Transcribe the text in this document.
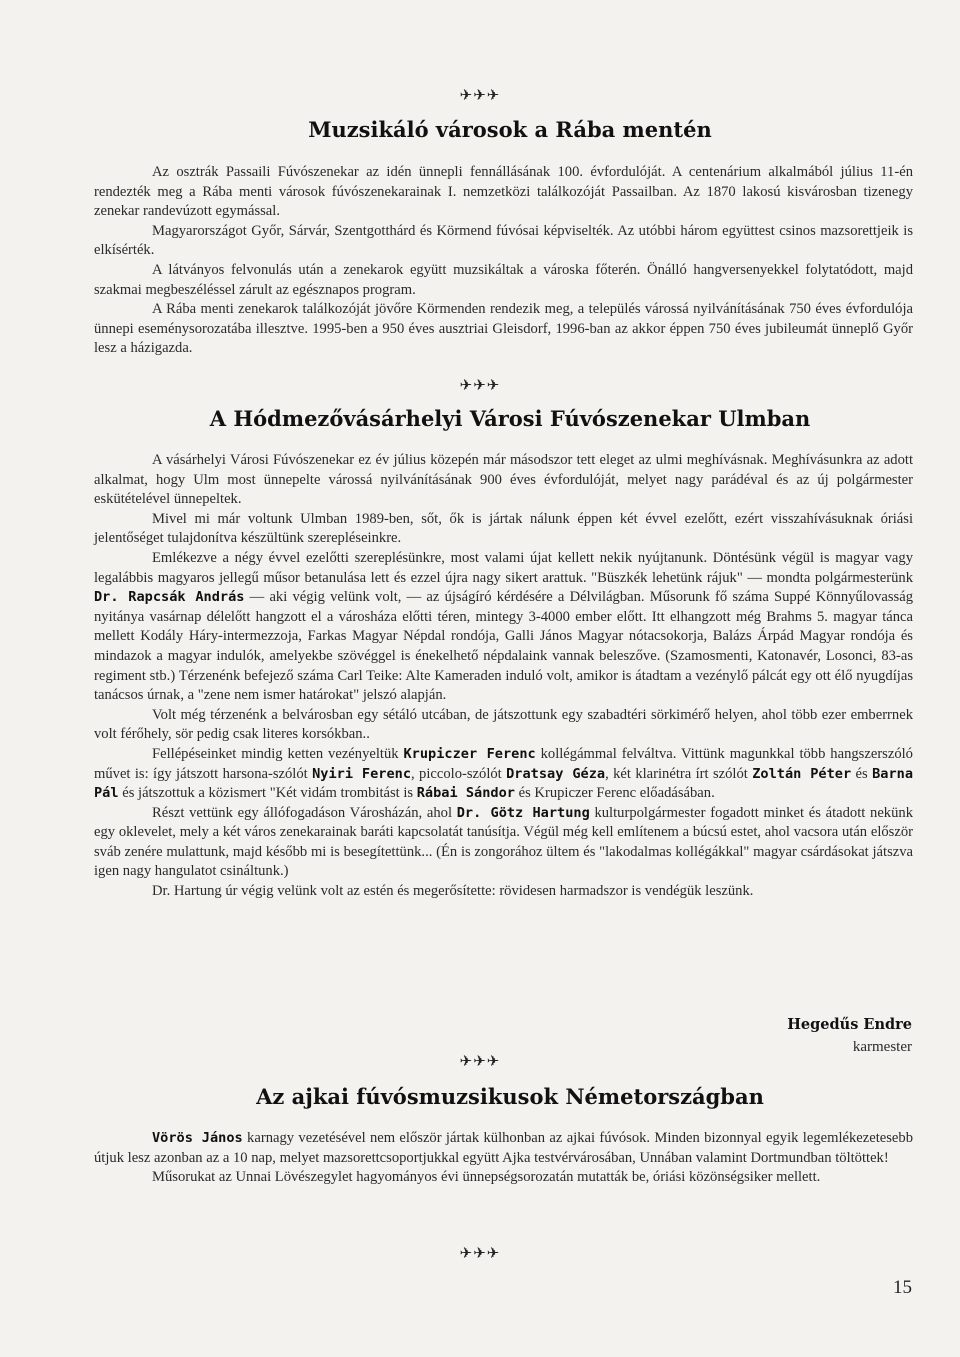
✈✈✈
Muzsikáló városok a Rába mentén

Az osztrák Passaili Fúvószenekar az idén ünnepli fennállásának 100. évfordulóját. A centenárium alkalmából július 11-én rendezték meg a Rába menti városok fúvószenekarainak I. nemzetközi találkozóját Passailban. Az 1870 lakosú kisvárosban tizenegy zenekar randevúzott egymással.

Magyarországot Győr, Sárvár, Szentgotthárd és Körmend fúvósai képviselték. Az utóbbi három együttest csinos mazsorettjeik is elkísérték.

A látványos felvonulás után a zenekarok együtt muzsikáltak a városka főterén. Önálló hangversenyekkel folytatódott, majd szakmai megbeszéléssel zárult az egésznapos program.

A Rába menti zenekarok találkozóját jövőre Körmenden rendezik meg, a település várossá nyilvánításának 750 éves évfordulója ünnepi eseménysorozatába illesztve. 1995-ben a 950 éves ausztriai Gleisdorf, 1996-ban az akkor éppen 750 éves jubileumát ünneplő Győr lesz a házigazda.

✈✈✈
A Hódmezővásárhelyi Városi Fúvószenekar Ulmban

A vásárhelyi Városi Fúvószenekar ez év július közepén már másodszor tett eleget az ulmi meghívásnak. Meghívásunkra az adott alkalmat, hogy Ulm most ünnepelte várossá nyilvánításának 900 éves évfordulóját, melyet nagy parádéval és az új polgármester eskütételével ünnepeltek.

Mivel mi már voltunk Ulmban 1989-ben, sőt, ők is jártak nálunk éppen két évvel ezelőtt, ezért visszahívásuknak óriási jelentőséget tulajdonítva készültünk szerepléseinkre.

Emlékezve a négy évvel ezelőtti szereplésünkre, most valami újat kellett nekik nyújtanunk. Döntésünk végül is magyar vagy legalábbis magyaros jellegű műsor betanulása lett és ezzel újra nagy sikert arattuk. "Büszkék lehetünk rájuk" — mondta polgármesterünk Dr. Rapcsák András — aki végig velünk volt, — az újságíró kérdésére a Délvilágban. Műsorunk fő száma Suppé Könnyűlovasság nyitánya vasárnap délelőtt hangzott el a városháza előtti téren, mintegy 3-4000 ember előtt. Itt elhangzott még Brahms 5. magyar tánca mellett Kodály Háry-intermezzoja, Farkas Magyar Népdal rondója, Galli János Magyar nótacsokorja, Balázs Árpád Magyar rondója és mindazok a magyar indulók, amelyekbe szövéggel is énekelhető népdalaink vannak beleszőve. (Szamosmenti, Katonavér, Losonci, 83-as regiment stb.) Térzenénk befejező száma Carl Teike: Alte Kameraden induló volt, amikor is átadtam a vezénylő pálcát egy ott élő nyugdíjas tanácsos úrnak, a "zene nem ismer határokat" jelszó alapján.

Volt még térzenénk a belvárosban egy sétáló utcában, de játszottunk egy szabadtéri sörkimérő helyen, ahol több ezer emberrnek volt férőhely, sör pedig csak literes korsókban..

Fellépéseinket mindig ketten vezényeltük Krupiczer Ferenc kollégámmal felváltva. Vittünk magunkkal több hangszerszóló művet is: így játszott harsona-szólót Nyiri Ferenc, piccolo-szólót Dratsay Géza, két klarinétra írt szólót Zoltán Péter és Barna Pál és játszottuk a közismert "Két vidám trombitást is Rábai Sándor és Krupiczer Ferenc előadásában.

Részt vettünk egy állófogadáson Városházán, ahol Dr. Götz Hartung kulturpolgármester fogadott minket és átadott nekünk egy oklevelet, mely a két város zenekarainak baráti kapcsolatát tanúsítja. Végül még kell említenem a búcsú estet, ahol vacsora után először sváb zenére mulattunk, majd később mi is besegítettünk... (Én is zongorához ültem és "lakodalmas kollégákkal" magyar csárdásokat játszva igen nagy hangulatot csináltunk.)

Dr. Hartung úr végig velünk volt az estén és megerősítette: rövidesen harmadszor is vendégük leszünk.

Hegedűs Endre
karmester
✈✈✈
Az ajkai fúvósmuzsikusok Németországban

Vörös János karnagy vezetésével nem először jártak külhonban az ajkai fúvósok. Minden bizonnyal egyik legemlékezetesebb útjuk lesz azonban az a 10 nap, melyet mazsorettcsoportjukkal együtt Ajka testvérvárosában, Unnában valamint Dortmundban töltöttek!

Műsorukat az Unnai Lövészegylet hagyományos évi ünnepségsorozatán mutatták be, óriási közönségsiker mellett.

✈✈✈
15
